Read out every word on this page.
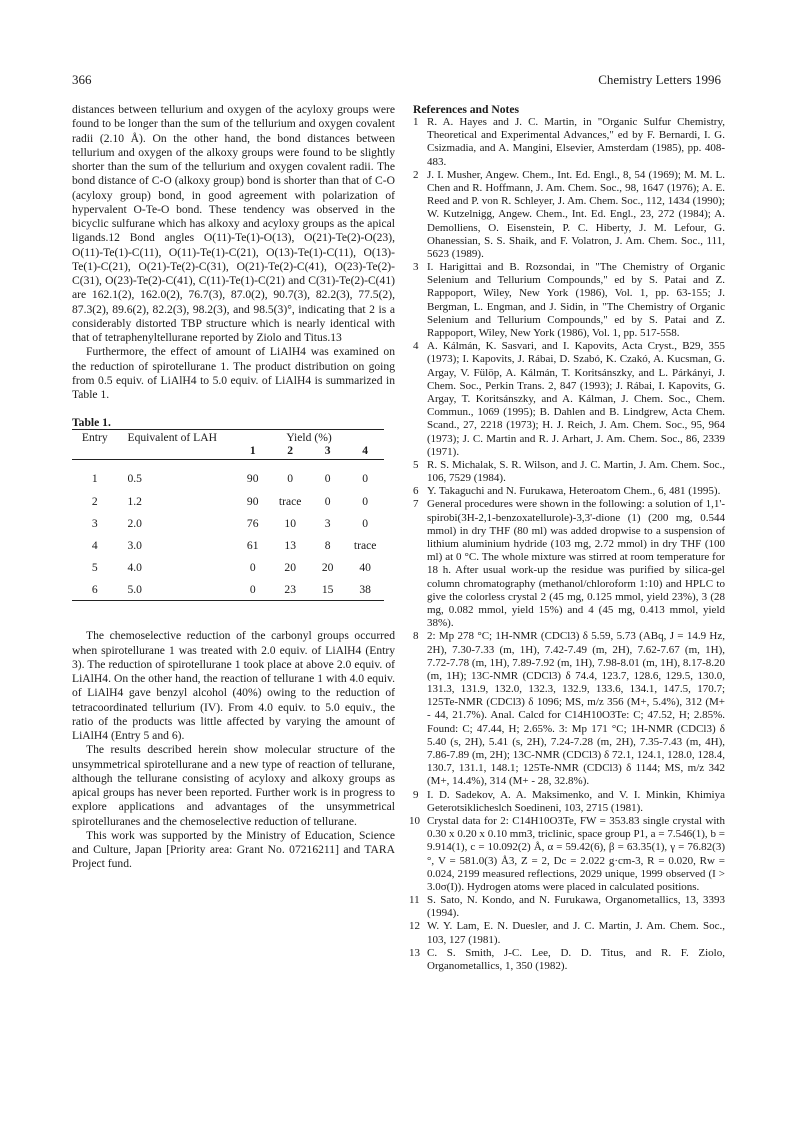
366	Chemistry Letters 1996

distances between tellurium and oxygen of the acyloxy groups were found to be longer than the sum of the tellurium and oxygen covalent radii (2.10 Å). On the other hand, the bond distances between tellurium and oxygen of the alkoxy groups were found to be slightly shorter than the sum of the tellurium and oxygen covalent radii. The bond distance of C-O (alkoxy group) bond is shorter than that of C-O (acyloxy group) bond, in good agreement with polarization of hypervalent O-Te-O bond. These tendency was observed in the bicyclic sulfurane which has alkoxy and acyloxy groups as the apical ligands.12 Bond angles O(11)-Te(1)-O(13), O(21)-Te(2)-O(23), O(11)-Te(1)-C(11), O(11)-Te(1)-C(21), O(13)-Te(1)-C(11), O(13)-Te(1)-C(21), O(21)-Te(2)-C(31), O(21)-Te(2)-C(41), O(23)-Te(2)-C(31), O(23)-Te(2)-C(41), C(11)-Te(1)-C(21) and C(31)-Te(2)-C(41) are 162.1(2), 162.0(2), 76.7(3), 87.0(2), 90.7(3), 82.2(3), 77.5(2), 87.3(2), 89.6(2), 82.2(3), 98.2(3), and 98.5(3)°, indicating that 2 is a considerably distorted TBP structure which is nearly identical with that of tetraphenyltellurane reported by Ziolo and Titus.13

Furthermore, the effect of amount of LiAlH4 was examined on the reduction of spirotellurane 1. The product distribution on going from 0.5 equiv. of LiAlH4 to 5.0 equiv. of LiAlH4 is summarized in Table 1.

Table 1.

Entry	Equivalent of LAH	Yield (%)			
		1	2	3	4
1	0.5	90	0	0	0
2	1.2	90	trace	0	0
3	2.0	76	10	3	0
4	3.0	61	13	8	trace
5	4.0	0	20	20	40
6	5.0	0	23	15	38

The chemoselective reduction of the carbonyl groups occurred when spirotellurane 1 was treated with 2.0 equiv. of LiAlH4 (Entry 3). The reduction of spirotellurane 1 took place at above 2.0 equiv. of LiAlH4. On the other hand, the reaction of tellurane 1 with 4.0 equiv. of LiAlH4 gave benzyl alcohol (40%) owing to the reduction of tetracoordinated tellurium (IV). From 4.0 equiv. to 5.0 equiv., the ratio of the products was little affected by varying the amount of LiAlH4 (Entry 5 and 6).

The results described herein show molecular structure of the unsymmetrical spirotellurane and a new type of reaction of tellurane, although the tellurane consisting of acyloxy and alkoxy groups as apical groups has never been reported. Further work is in progress to explore applications and advantages of the unsymmetrical spirotelluranes and the chemoselective reduction of tellurane.

This work was supported by the Ministry of Education, Science and Culture, Japan [Priority area: Grant No. 07216211] and TARA Project fund.

References and Notes

1 R. A. Hayes and J. C. Martin, in "Organic Sulfur Chemistry, Theoretical and Experimental Advances," ed by F. Bernardi, I. G. Csizmadia, and A. Mangini, Elsevier, Amsterdam (1985), pp. 408-483.
2 J. I. Musher, Angew. Chem., Int. Ed. Engl., 8, 54 (1969); M. M. L. Chen and R. Hoffmann, J. Am. Chem. Soc., 98, 1647 (1976); A. E. Reed and P. von R. Schleyer, J. Am. Chem. Soc., 112, 1434 (1990); W. Kutzelnigg, Angew. Chem., Int. Ed. Engl., 23, 272 (1984); A. Demolliens, O. Eisenstein, P. C. Hiberty, J. M. Lefour, G. Ohanessian, S. S. Shaik, and F. Volatron, J. Am. Chem. Soc., 111, 5623 (1989).
3 I. Harigittai and B. Rozsondai, in "The Chemistry of Organic Selenium and Tellurium Compounds," ed by S. Patai and Z. Rappoport, Wiley, New York (1986), Vol. 1, pp. 63-155; J. Bergman, L. Engman, and J. Sidin, in "The Chemistry of Organic Selenium and Tellurium Compounds," ed by S. Patai and Z. Rappoport, Wiley, New York (1986), Vol. 1, pp. 517-558.
4 A. Kálmán, K. Sasvari, and I. Kapovits, Acta Cryst., B29, 355 (1973); I. Kapovits, J. Rábai, D. Szabó, K. Czakó, A. Kucsman, G. Argay, V. Fülöp, A. Kálmán, T. Koritsánszky, and L. Párkányi, J. Chem. Soc., Perkin Trans. 2, 847 (1993); J. Rábai, I. Kapovits, G. Argay, T. Koritsánszky, and A. Kálman, J. Chem. Soc., Chem. Commun., 1069 (1995); B. Dahlen and B. Lindgrew, Acta Chem. Scand., 27, 2218 (1973); H. J. Reich, J. Am. Chem. Soc., 95, 964 (1973); J. C. Martin and R. J. Arhart, J. Am. Chem. Soc., 86, 2339 (1971).
5 R. S. Michalak, S. R. Wilson, and J. C. Martin, J. Am. Chem. Soc., 106, 7529 (1984).
6 Y. Takaguchi and N. Furukawa, Heteroatom Chem., 6, 481 (1995).
7 General procedures were shown in the following: a solution of 1,1'-spirobi(3H-2,1-benzoxatellurole)-3,3'-dione (1) (200 mg, 0.544 mmol) in dry THF (80 ml) was added dropwise to a suspension of lithium aluminium hydride (103 mg, 2.72 mmol) in dry THF (100 ml) at 0 °C. The whole mixture was stirred at room temperature for 18 h. After usual work-up the residue was purified by silica-gel column chromatography (methanol/chloroform 1:10) and HPLC to give the colorless crystal 2 (45 mg, 0.125 mmol, yield 23%), 3 (28 mg, 0.082 mmol, yield 15%) and 4 (45 mg, 0.413 mmol, yield 38%).
8 2: Mp 278 °C; 1H-NMR (CDCl3) δ 5.59, 5.73 (ABq, J = 14.9 Hz, 2H), 7.30-7.33 (m, 1H), 7.42-7.49 (m, 2H), 7.62-7.67 (m, 1H), 7.72-7.78 (m, 1H), 7.89-7.92 (m, 1H), 7.98-8.01 (m, 1H), 8.17-8.20 (m, 1H); 13C-NMR (CDCl3) δ 74.4, 123.7, 128.6, 129.5, 130.0, 131.3, 131.9, 132.0, 132.3, 132.9, 133.6, 134.1, 147.5, 170.7; 125Te-NMR (CDCl3) δ 1096; MS, m/z 356 (M+, 5.4%), 312 (M+ - 44, 21.7%). Anal. Calcd for C14H10O3Te: C; 47.52, H; 2.85%. Found: C; 47.44, H; 2.65%. 3: Mp 171 °C; 1H-NMR (CDCl3) δ 5.40 (s, 2H), 5.41 (s, 2H), 7.24-7.28 (m, 2H), 7.35-7.43 (m, 4H), 7.86-7.89 (m, 2H); 13C-NMR (CDCl3) δ 72.1, 124.1, 128.0, 128.4, 130.7, 131.1, 148.1; 125Te-NMR (CDCl3) δ 1144; MS, m/z 342 (M+, 14.4%), 314 (M+ - 28, 32.8%).
9 I. D. Sadekov, A. A. Maksimenko, and V. I. Minkin, Khimiya Geterotsiklicheslch Soedineni, 103, 2715 (1981).
10 Crystal data for 2: C14H10O3Te, FW = 353.83 single crystal with 0.30 x 0.20 x 0.10 mm3, triclinic, space group P1, a = 7.546(1), b = 9.914(1), c = 10.092(2) Å, α = 59.42(6), β = 63.35(1), γ = 76.82(3)°, V = 581.0(3) Å3, Z = 2, Dc = 2.022 g·cm-3, R = 0.020, Rw = 0.024, 2199 measured reflections, 2029 unique, 1999 observed (I > 3.0σ(I)). Hydrogen atoms were placed in calculated positions.
11 S. Sato, N. Kondo, and N. Furukawa, Organometallics, 13, 3393 (1994).
12 W. Y. Lam, E. N. Duesler, and J. C. Martin, J. Am. Chem. Soc., 103, 127 (1981).
13 C. S. Smith, J-C. Lee, D. D. Titus, and R. F. Ziolo, Organometallics, 1, 350 (1982).
